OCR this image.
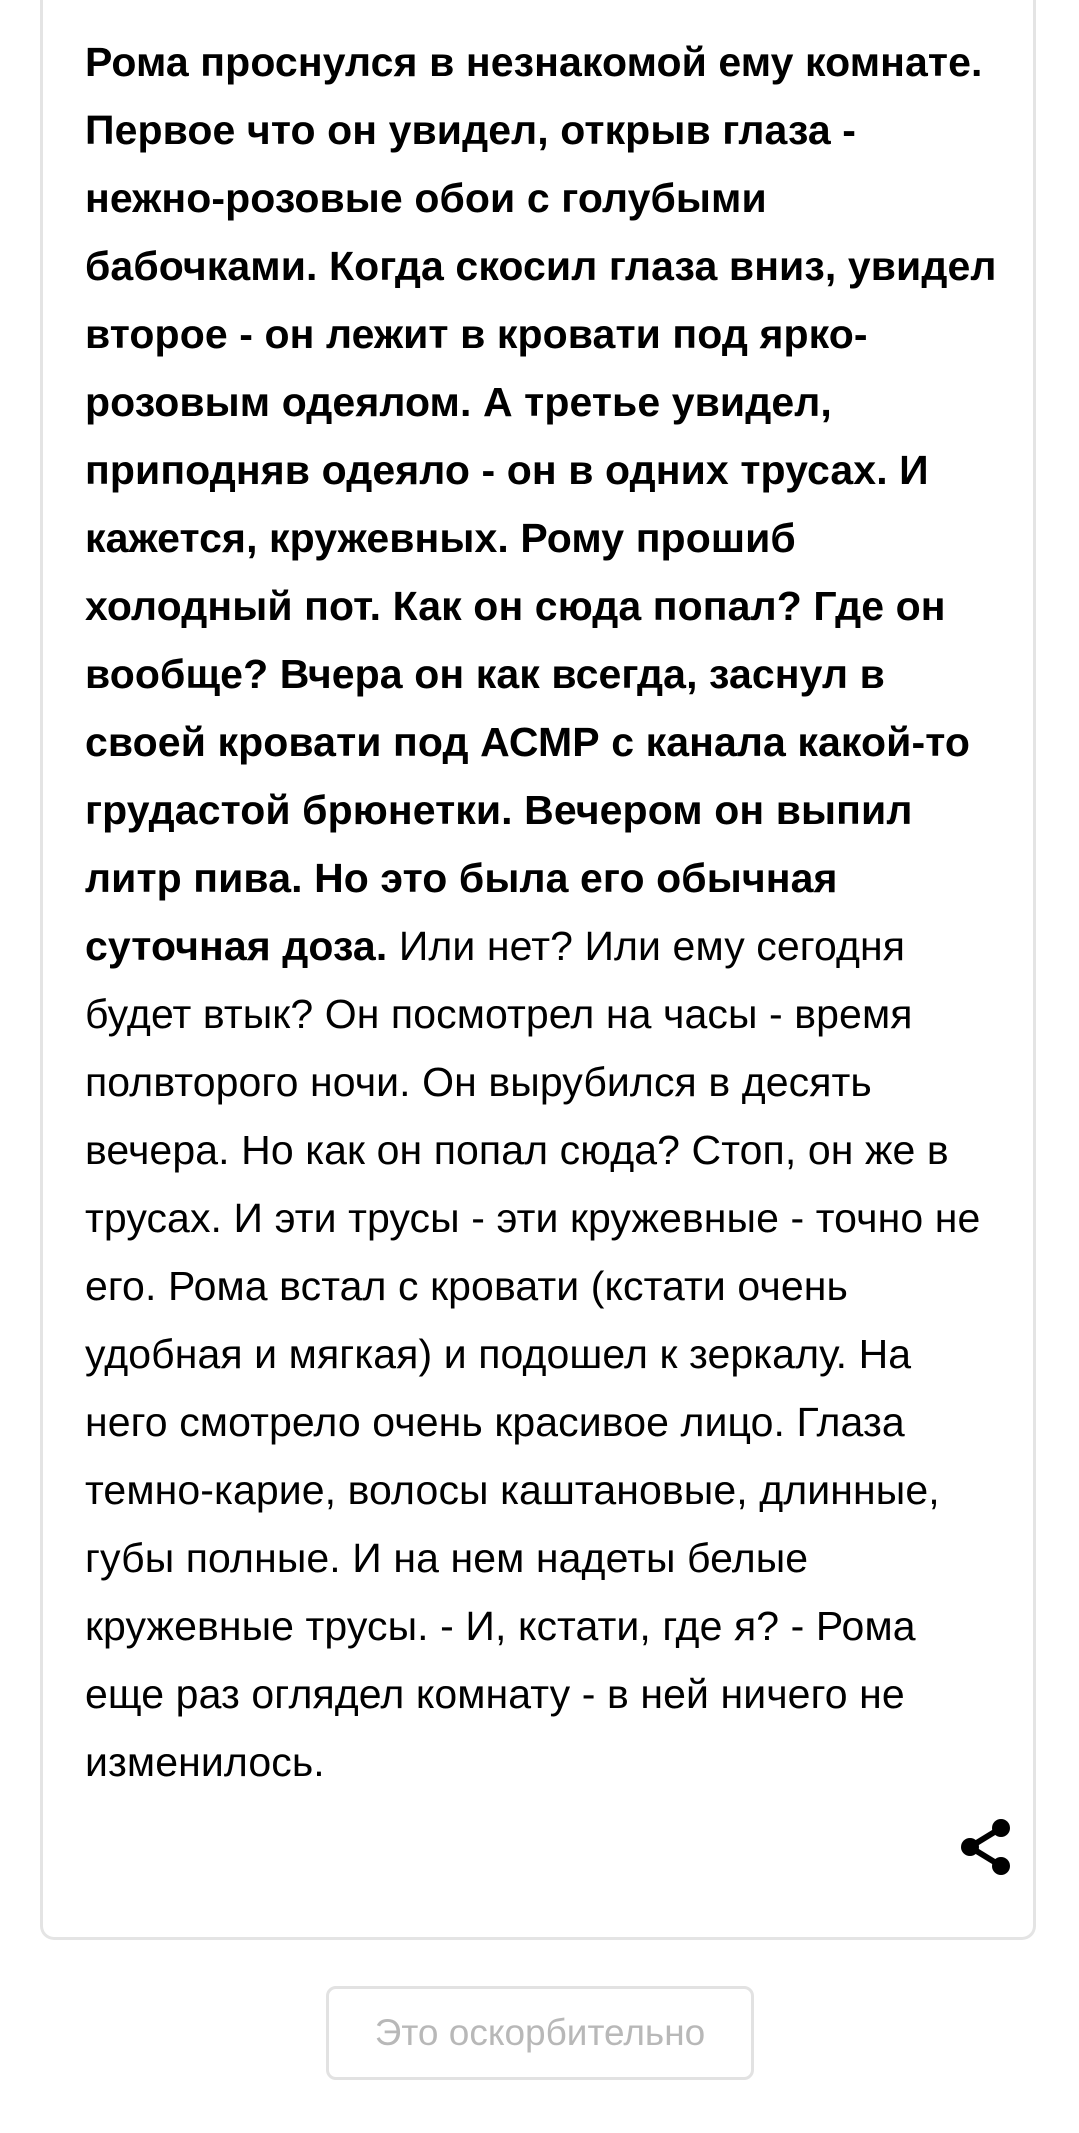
Рома проснулся в незнакомой ему комнате. Первое что он увидел, открыв глаза - нежно-розовые обои с голубыми бабочками. Когда скосил глаза вниз, увидел второе - он лежит в кровати под ярко-розовым одеялом. А третье увидел, приподняв одеяло - он в одних трусах. И кажется, кружевных. Рому прошиб холодный пот. Как он сюда попал? Где он вообще? Вчера он как всегда, заснул в своей кровати под АСМР с канала какой-то грудастой брюнетки. Вечером он выпил литр пива. Но это была его обычная суточная доза. Или нет? Или ему сегодня будет втык? Он посмотрел на часы - время полвторого ночи. Он вырубился в десять вечера. Но как он попал сюда? Стоп, он же в трусах. И эти трусы - эти кружевные - точно не его. Рома встал с кровати (кстати очень удобная и мягкая) и подошел к зеркалу. На него смотрело очень красивое лицо. Глаза темно-карие, волосы каштановые, длинные, губы полные. И на нем надеты белые кружевные трусы. - И, кстати, где я? - Рома еще раз оглядел комнату - в ней ничего не изменилось.

Это оскорбительно
